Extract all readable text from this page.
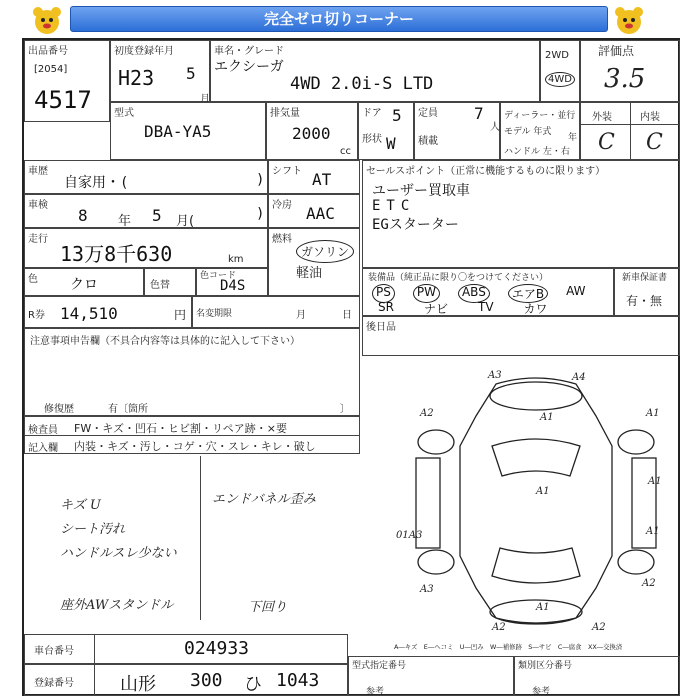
完全ゼロ切りコーナー
出品番号
[2054]
4517
初度登録年月
H23 5
月
車名・グレード
エクシーガ
4WD 2.0i-S LTD
2WD
4WD
評価点
3.5
外装	内装
C C
型式
DBA-YA5
排気量
2000
cc
ドア 5
形状 W
定員 7
人
積載
ディーラー・並行
モデル 年式
年
ハンドル 左・右
車歴
自家用・(	)
シフト AT
車検
8 年 5 月(	)
冷房 AAC
走行
13万8千630	km
燃料
ガソリン
軽油
色 クロ	色替
色コード
D4S
R券 14,510	円 名変期限	月	日
セールスポイント（正常に機能するものに限ります）
ユーザー買取車
ETC
EGスターター
装備品（純正品に限り〇をつけてください）
PS	PW	ABS	エアB	AW
SR	ナビ	TV	カワ
新車保証書
有・無
後日品
注意事項申告欄（不具合内容等は具体的に記入して下さい）
修復歴	有〔箇所	〕
検査員
記入欄
FW・キズ・凹石・ヒビ割・リペア跡・×要
内装・キズ・汚し・コゲ・穴・スレ・キレ・破し
キズ U
シート汚れ
ハンドルスレ少ない
座外AWスタンドル
エンドバネル歪み
下回り
A3	A4
A2	A1	A1
A1
A1
A1
01A3
A2
A3
A2	A2
A1
A―キズ　E―ヘコミ　U―凹み　W―補修跡　S―サビ　C―腐食　XX―交換済
車台番号	024933
登録番号	山形 300 ひ 1043
型式指定番号
参考
類別区分番号
参考
